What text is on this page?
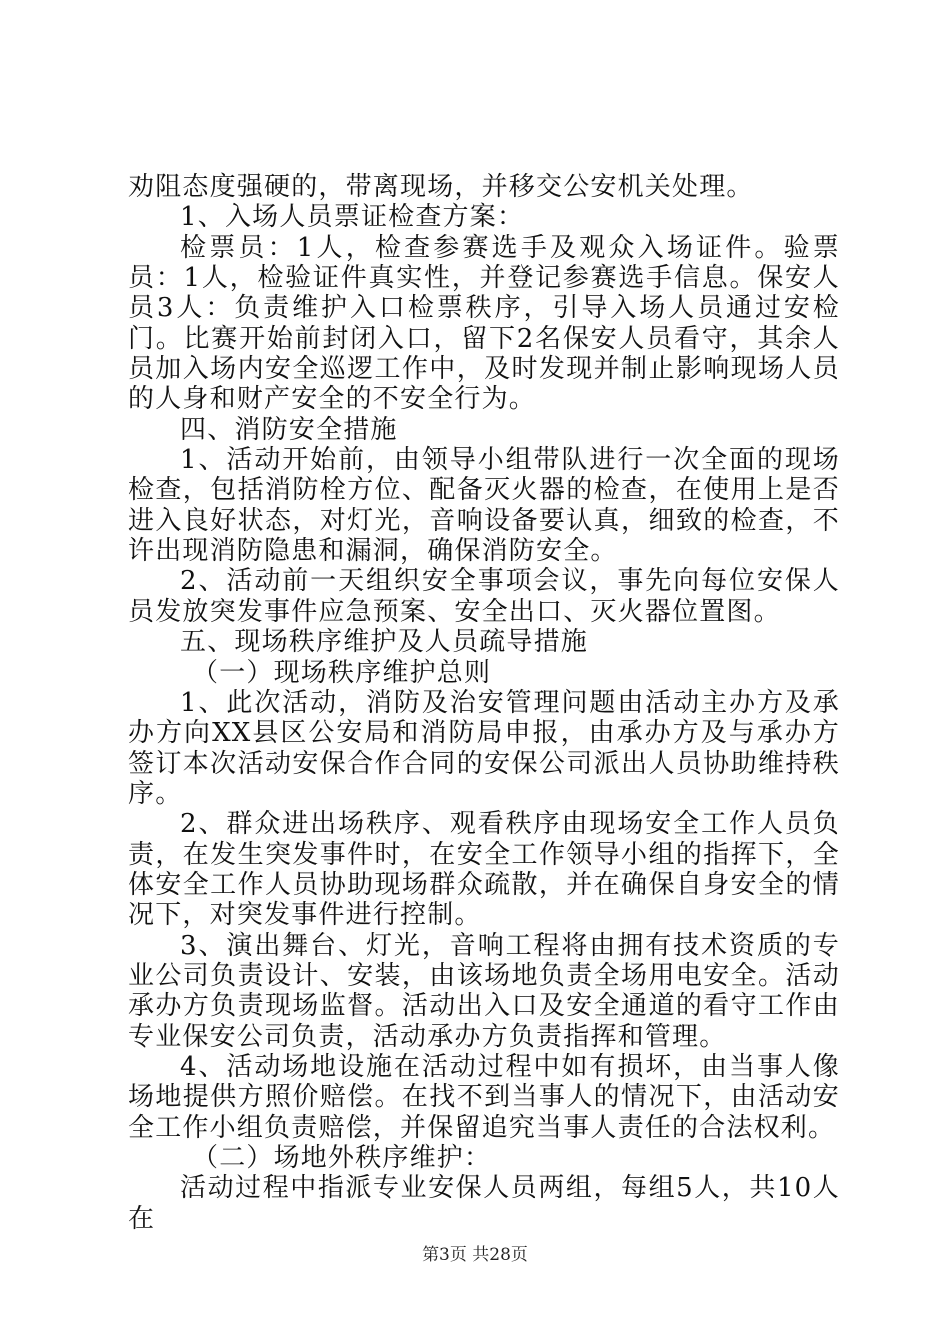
劝阻态度强硬的，带离现场，并移交公安机关处理。

1、入场人员票证检查方案：

检票员：1人，检查参赛选手及观众入场证件。验票员：1人，检验证件真实性，并登记参赛选手信息。保安人员3人：负责维护入口检票秩序，引导入场人员通过安检门。比赛开始前封闭入口，留下2名保安人员看守，其余人员加入场内安全巡逻工作中，及时发现并制止影响现场人员的人身和财产安全的不安全行为。

四、消防安全措施

1、活动开始前，由领导小组带队进行一次全面的现场检查，包括消防栓方位、配备灭火器的检查，在使用上是否进入良好状态，对灯光，音响设备要认真，细致的检查，不许出现消防隐患和漏洞，确保消防安全。

2、活动前一天组织安全事项会议，事先向每位安保人员发放突发事件应急预案、安全出口、灭火器位置图。

五、现场秩序维护及人员疏导措施

（一）现场秩序维护总则

1、此次活动，消防及治安管理问题由活动主办方及承办方向XX县区公安局和消防局申报，由承办方及与承办方签订本次活动安保合作合同的安保公司派出人员协助维持秩序。

2、群众进出场秩序、观看秩序由现场安全工作人员负责，在发生突发事件时，在安全工作领导小组的指挥下，全体安全工作人员协助现场群众疏散，并在确保自身安全的情况下，对突发事件进行控制。

3、演出舞台、灯光，音响工程将由拥有技术资质的专业公司负责设计、安装，由该场地负责全场用电安全。活动承办方负责现场监督。活动出入口及安全通道的看守工作由专业保安公司负责，活动承办方负责指挥和管理。

4、活动场地设施在活动过程中如有损坏，由当事人像场地提供方照价赔偿。在找不到当事人的情况下，由活动安全工作小组负责赔偿，并保留追究当事人责任的合法权利。

（二）场地外秩序维护：

活动过程中指派专业安保人员两组，每组5人，共10人在

第3页 共28页
